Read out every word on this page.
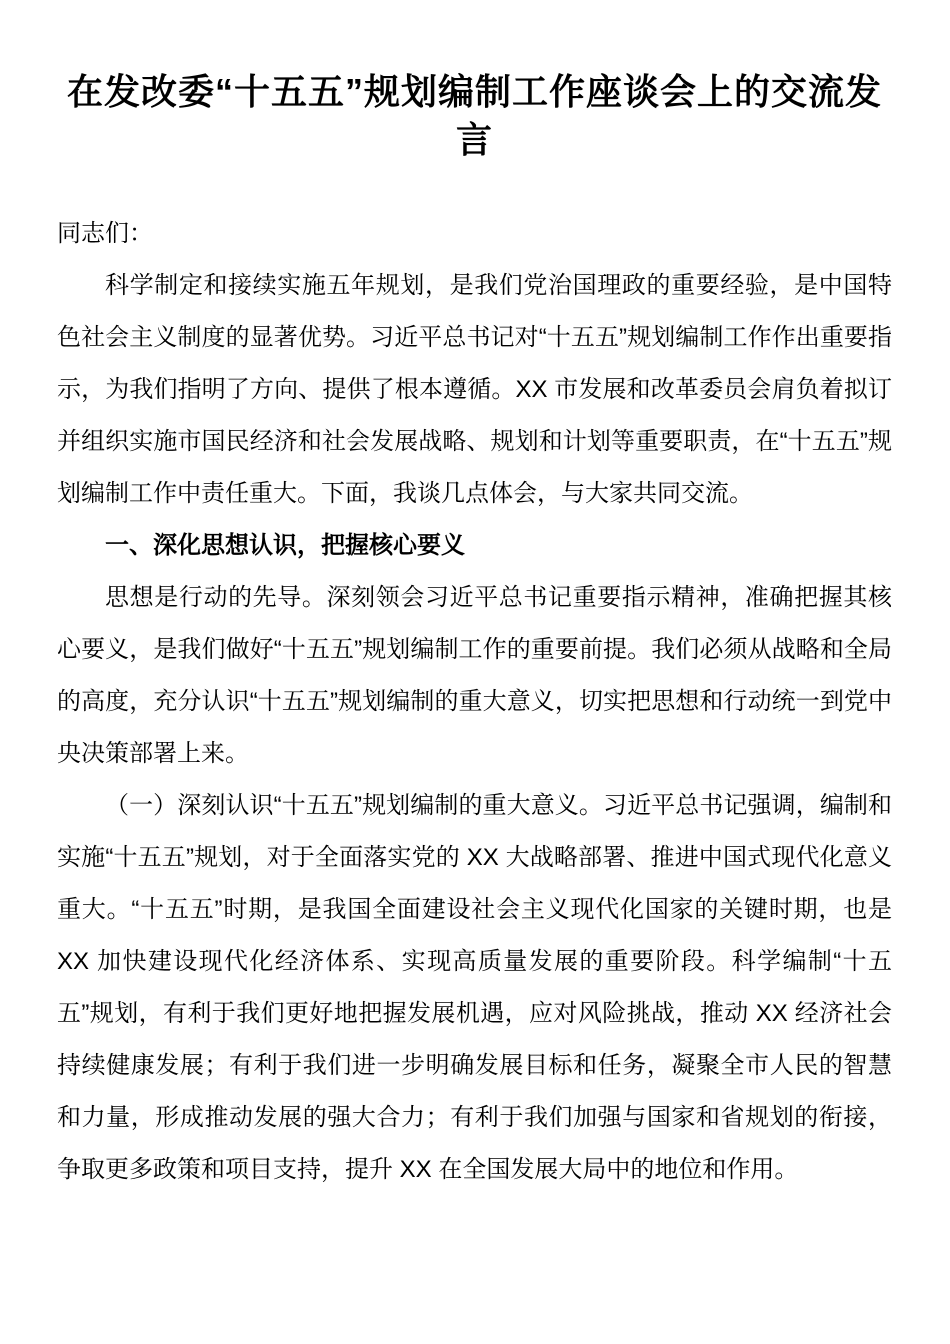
在发改委“十五五”规划编制工作座谈会上的交流发言

同志们：

科学制定和接续实施五年规划，是我们党治国理政的重要经验，是中国特色社会主义制度的显著优势。习近平总书记对“十五五”规划编制工作作出重要指示，为我们指明了方向、提供了根本遵循。XX 市发展和改革委员会肩负着拟订并组织实施市国民经济和社会发展战略、规划和计划等重要职责，在“十五五”规划编制工作中责任重大。下面，我谈几点体会，与大家共同交流。

一、深化思想认识，把握核心要义

思想是行动的先导。深刻领会习近平总书记重要指示精神，准确把握其核心要义，是我们做好“十五五”规划编制工作的重要前提。我们必须从战略和全局的高度，充分认识“十五五”规划编制的重大意义，切实把思想和行动统一到党中央决策部署上来。

（一）深刻认识“十五五”规划编制的重大意义。习近平总书记强调，编制和实施“十五五”规划，对于全面落实党的 XX 大战略部署、推进中国式现代化意义重大。“十五五”时期，是我国全面建设社会主义现代化国家的关键时期，也是 XX 加快建设现代化经济体系、实现高质量发展的重要阶段。科学编制“十五五”规划，有利于我们更好地把握发展机遇，应对风险挑战，推动 XX 经济社会持续健康发展；有利于我们进一步明确发展目标和任务，凝聚全市人民的智慧和力量，形成推动发展的强大合力；有利于我们加强与国家和省规划的衔接，争取更多政策和项目支持，提升 XX 在全国发展大局中的地位和作用。
